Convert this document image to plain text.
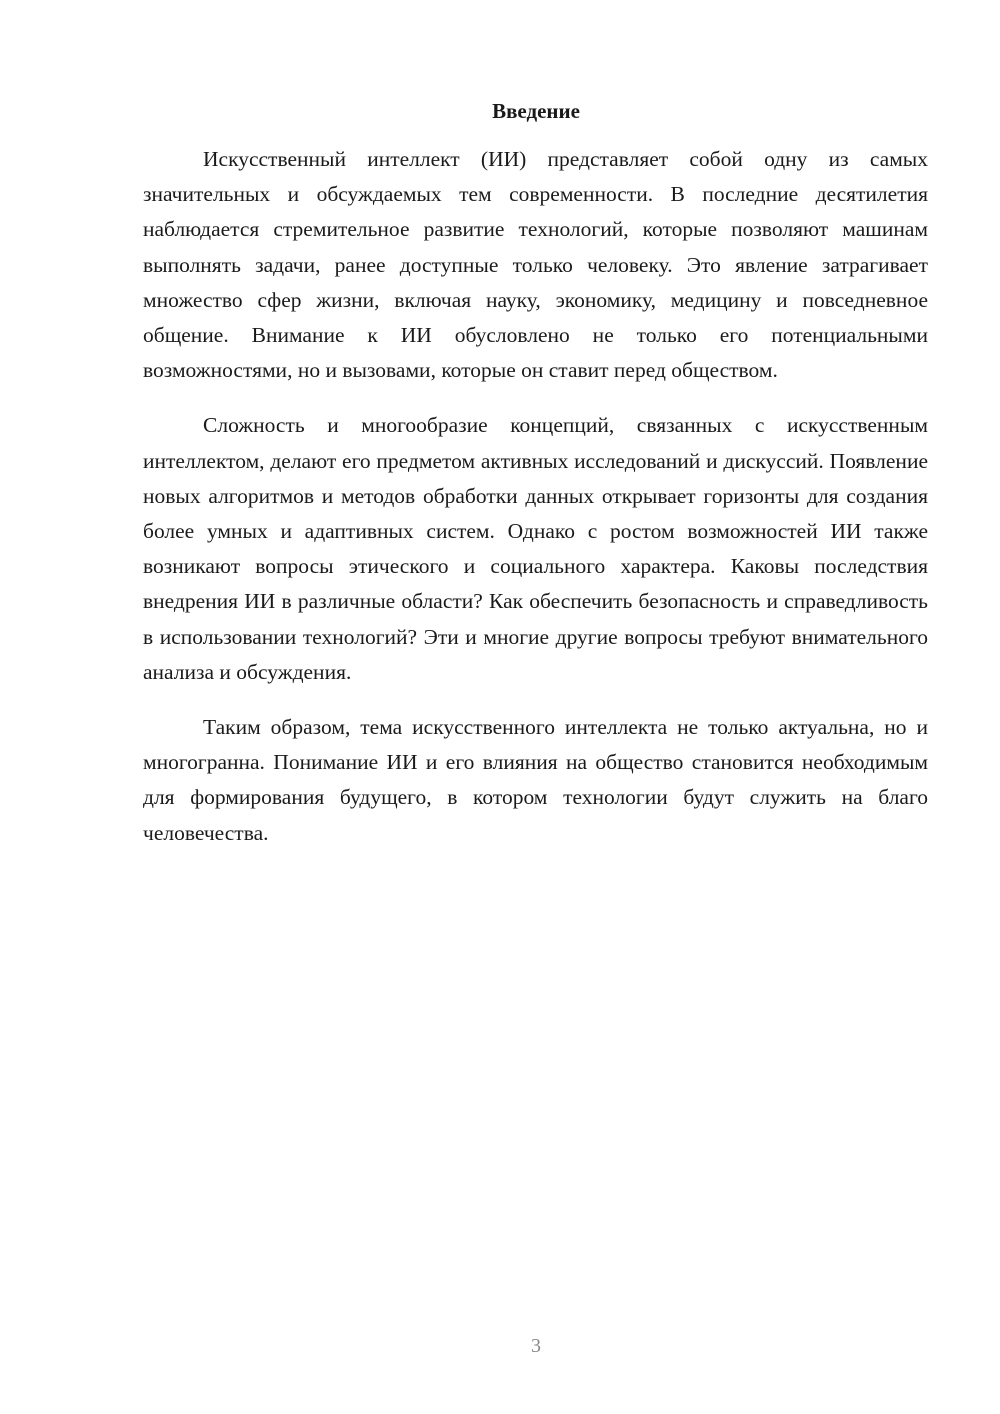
Введение

Искусственный интеллект (ИИ) представляет собой одну из самых значительных и обсуждаемых тем современности. В последние десятилетия наблюдается стремительное развитие технологий, которые позволяют машинам выполнять задачи, ранее доступные только человеку. Это явление затрагивает множество сфер жизни, включая науку, экономику, медицину и повседневное общение. Внимание к ИИ обусловлено не только его потенциальными возможностями, но и вызовами, которые он ставит перед обществом.

Сложность и многообразие концепций, связанных с искусственным интеллектом, делают его предметом активных исследований и дискуссий. Появление новых алгоритмов и методов обработки данных открывает горизонты для создания более умных и адаптивных систем. Однако с ростом возможностей ИИ также возникают вопросы этического и социального характера. Каковы последствия внедрения ИИ в различные области? Как обеспечить безопасность и справедливость в использовании технологий? Эти и многие другие вопросы требуют внимательного анализа и обсуждения.

Таким образом, тема искусственного интеллекта не только актуальна, но и многогранна. Понимание ИИ и его влияния на общество становится необходимым для формирования будущего, в котором технологии будут служить на благо человечества.

3
